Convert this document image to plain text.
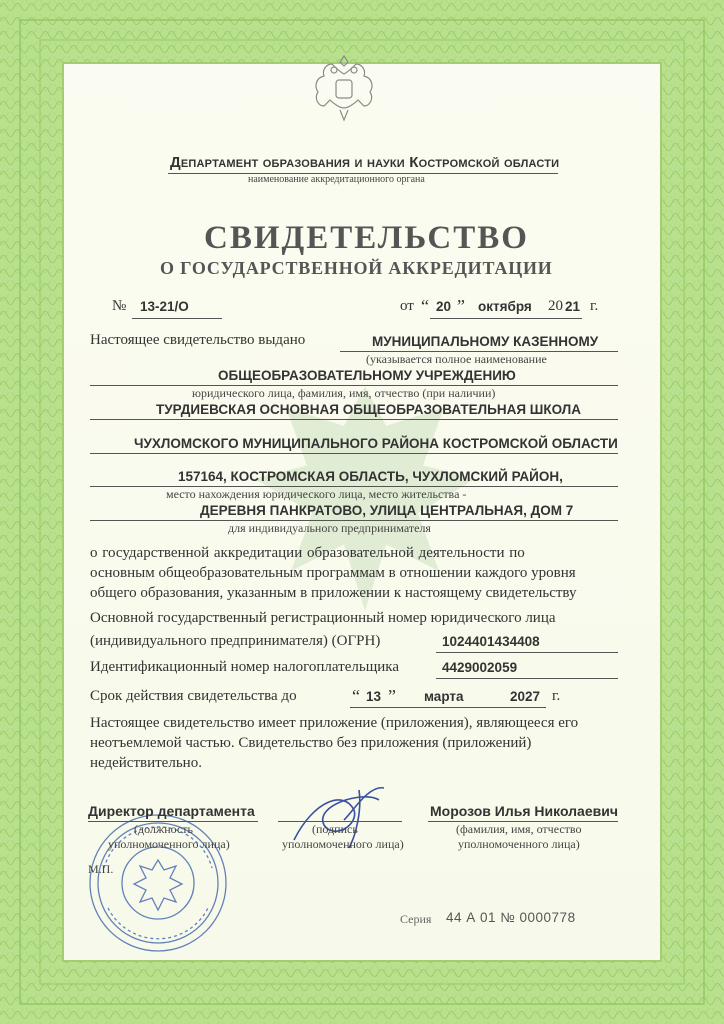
Департамент образования и науки Костромской области
наименование аккредитационного органа
СВИДЕТЕЛЬСТВО
О ГОСУДАРСТВЕННОЙ АККРЕДИТАЦИИ
№ 13-21/О	от “ 20 ” октября 20 21 г.
Настоящее свидетельство выдано	МУНИЦИПАЛЬНОМУ КАЗЕННОМУ
(указывается полное наименование
ОБЩЕОБРАЗОВАТЕЛЬНОМУ УЧРЕЖДЕНИЮ
юридического лица, фамилия, имя, отчество (при наличии)
ТУРДИЕВСКАЯ ОСНОВНАЯ ОБЩЕОБРАЗОВАТЕЛЬНАЯ ШКОЛА
ЧУХЛОМСКОГО МУНИЦИПАЛЬНОГО РАЙОНА КОСТРОМСКОЙ ОБЛАСТИ
157164, КОСТРОМСКАЯ ОБЛАСТЬ, ЧУХЛОМСКИЙ РАЙОН,
место нахождения юридического лица, место жительства -
ДЕРЕВНЯ ПАНКРАТОВО, УЛИЦА ЦЕНТРАЛЬНАЯ, ДОМ 7
для индивидуального предпринимателя
о государственной аккредитации образовательной деятельности по
основным общеобразовательным программам в отношении каждого уровня
общего образования, указанным в приложении к настоящему свидетельству
Основной государственный регистрационный номер юридического лица
(индивидуального предпринимателя) (ОГРН)	1024401434408
Идентификационный номер налогоплательщика	4429002059
Срок действия свидетельства до	“ 13 ” марта	2027 г.
Настоящее свидетельство имеет приложение (приложения), являющееся его
неотъемлемой частью. Свидетельство без приложения (приложений)
недействительно.
Директор департамента
(должность
уполномоченного лица)
(подпись
уполномоченного лица)
Морозов Илья Николаевич
(фамилия, имя, отчество
уполномоченного лица)
М.П.
Серия 44 А 01 № 0000778
